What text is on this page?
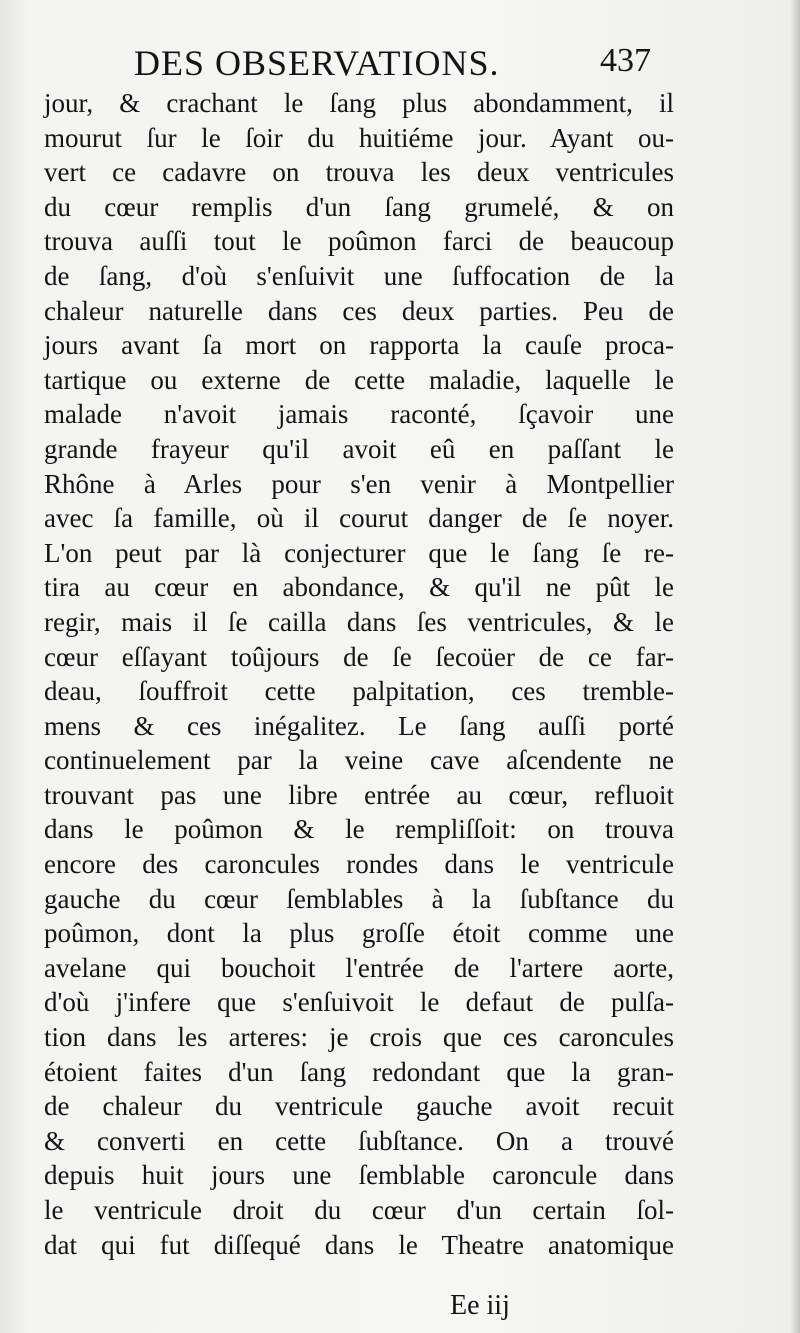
DES OBSERVATIONS.	437
jour, & crachant le ſang plus abondamment, il
mourut ſur le ſoir du huitiéme jour. Ayant ou-
vert ce cadavre on trouva les deux ventricules
du cœur remplis d'un ſang grumelé, & on
trouva auſſi tout le poûmon farci de beaucoup
de ſang, d'où s'enſuivit une ſuffocation de la
chaleur naturelle dans ces deux parties. Peu de
jours avant ſa mort on rapporta la cauſe proca-
tartique ou externe de cette maladie, laquelle le
malade n'avoit jamais raconté, ſçavoir une
grande frayeur qu'il avoit eû en paſſant le
Rhône à Arles pour s'en venir à Montpellier
avec ſa famille, où il courut danger de ſe noyer.
L'on peut par là conjecturer que le ſang ſe re-
tira au cœur en abondance, & qu'il ne pût le
regir, mais il ſe cailla dans ſes ventricules, & le
cœur eſſayant toûjours de ſe ſecoüer de ce far-
deau, ſouffroit cette palpitation, ces tremble-
mens & ces inégalitez. Le ſang auſſi porté
continuelement par la veine cave aſcendente ne
trouvant pas une libre entrée au cœur, refluoit
dans le poûmon & le rempliſſoit: on trouva
encore des caroncules rondes dans le ventricule
gauche du cœur ſemblables à la ſubſtance du
poûmon, dont la plus groſſe étoit comme une
avelane qui bouchoit l'entrée de l'artere aorte,
d'où j'infere que s'enſuivoit le defaut de pulſa-
tion dans les arteres: je crois que ces caroncules
étoient faites d'un ſang redondant que la gran-
de chaleur du ventricule gauche avoit recuit
& converti en cette ſubſtance. On a trouvé
depuis huit jours une ſemblable caroncule dans
le ventricule droit du cœur d'un certain ſol-
dat qui fut diſſequé dans le Theatre anatomique
Ee iij
